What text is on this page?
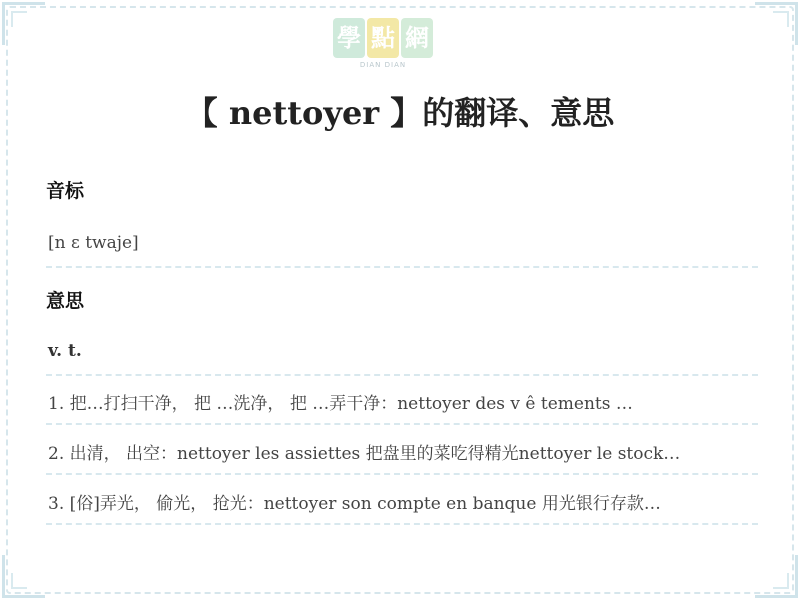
學 點 網
DIAN DIAN
【 nettoyer 】的翻译、意思
音标
[n ɛ twaje]
意思
v. t.
1. 把…打扫干净， 把 …洗净， 把 …弄干净：nettoyer des v ê tements …
2. 出清， 出空：nettoyer les assiettes 把盘里的菜吃得精光nettoyer le stock…
3. [俗]弄光， 偷光， 抢光：nettoyer son compte en banque 用光银行存款…
